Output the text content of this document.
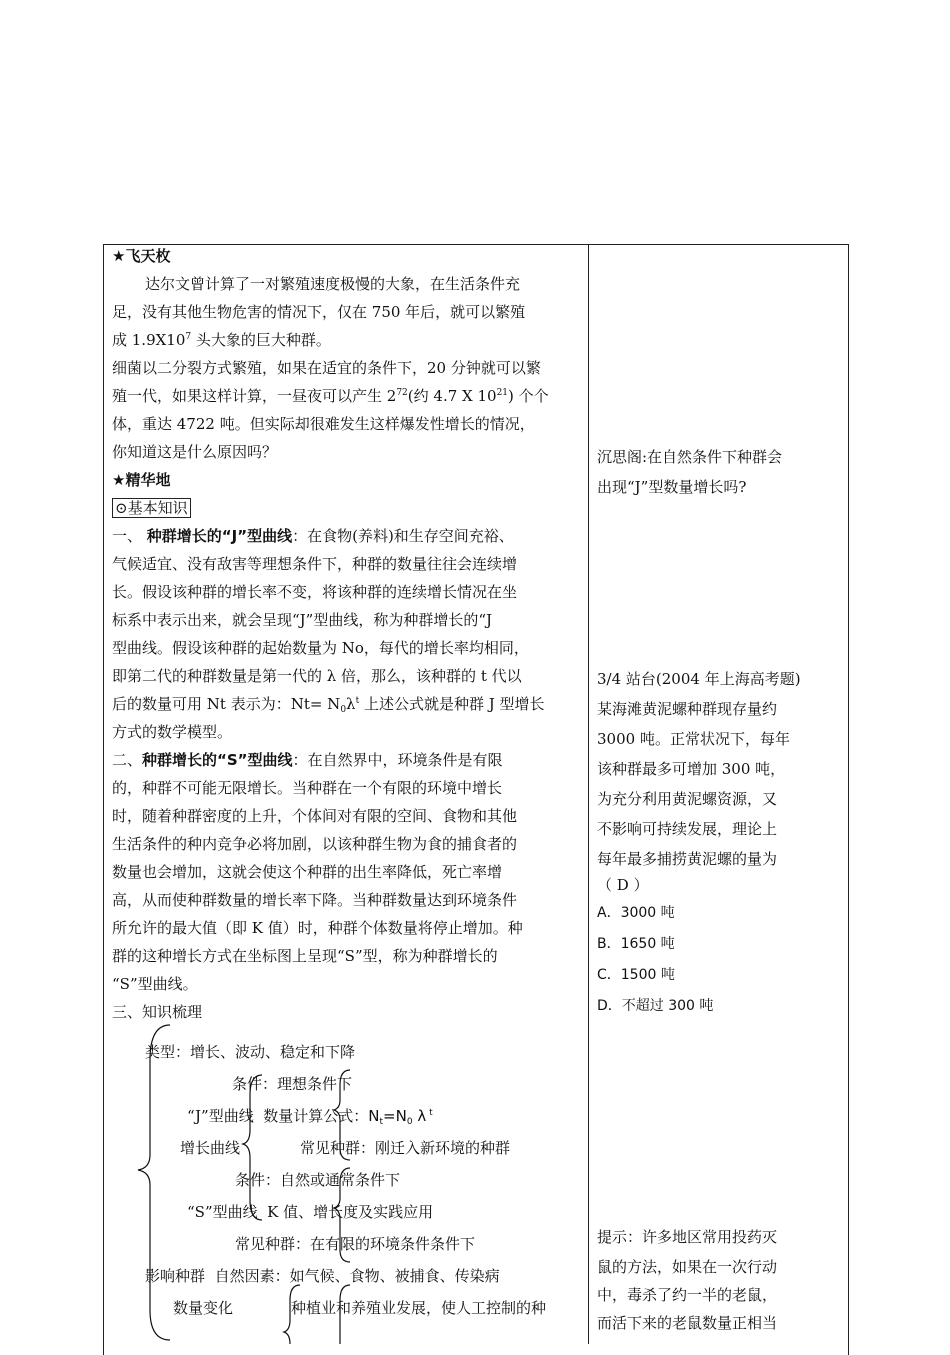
★飞天枚
达尔文曾计算了一对繁殖速度极慢的大象，在生活条件充
足，没有其他生物危害的情况下，仅在 750 年后，就可以繁殖
成 $1.9X10^7$ 头大象的巨大种群。
细菌以二分裂方式繁殖，如果在适宜的条件下，20 分钟就可以繁
殖一代，如果这样计算，一昼夜可以产生 $2^{72}$(约 4.7 X $10^{21}$) 个个
体，重达 4722 吨。但实际却很难发生这样爆发性增长的情况，
你知道这是什么原因吗？
★精华地
⊙基本知识
一、 种群增长的“J”型曲线：在食物(养料)和生存空间充裕、
气候适宜、没有敌害等理想条件下，种群的数量往往会连续增
长。假设该种群的增长率不变，将该种群的连续增长情况在坐
标系中表示出来，就会呈现“J”型曲线，称为种群增长的“J
型曲线。假设该种群的起始数量为 No，每代的增长率均相同，
即第二代的种群数量是第一代的 λ 倍，那么，该种群的 t 代以
后的数量可用 Nt 表示为：$Nt= N_0\lambda^t$ 上述公式就是种群 J 型增长
方式的数学模型。
二、种群增长的“S”型曲线：在自然界中，环境条件是有限
的，种群不可能无限增长。当种群在一个有限的环境中增长
时，随着种群密度的上升，个体间对有限的空间、食物和其他
生活条件的种内竞争必将加剧，以该种群生物为食的捕食者的
数量也会增加，这就会使这个种群的出生率降低，死亡率增
高，从而使种群数量的增长率下降。当种群数量达到环境条件
所允许的最大值（即 K 值）时，种群个体数量将停止增加。种
群的这种增长方式在坐标图上呈现“S”型，称为种群增长的
“S”型曲线。
三、知识梳理
类型：增长、波动、稳定和下降
条件：理想条件下
“J”型曲线 数量计算公式：$N_t=N_0$ λ $^t$
增长曲线	常见种群：刚迁入新环境的种群
条件：自然或通常条件下
“S”型曲线 K 值、增长度及实践应用
常见种群：在有限的环境条件条件下
影响种群 自然因素：如气候、食物、被捕食、传染病
数量变化	种植业和养殖业发展，使人工控制的种
沉思阁:在自然条件下种群会
出现“J”型数量增长吗?
3/4 站台(2004 年上海高考题)
某海滩黄泥螺种群现存量约
3000 吨。正常状况下，每年
该种群最多可增加 300 吨，
为充分利用黄泥螺资源，又
不影响可持续发展，理论上
每年最多捕捞黄泥螺的量为
（ D ）
A．3000 吨
B．1650 吨
C．1500 吨
D．不超过 300 吨
提示：许多地区常用投药灭
鼠的方法，如果在一次行动
中，毒杀了约一半的老鼠，
而活下来的老鼠数量正相当
